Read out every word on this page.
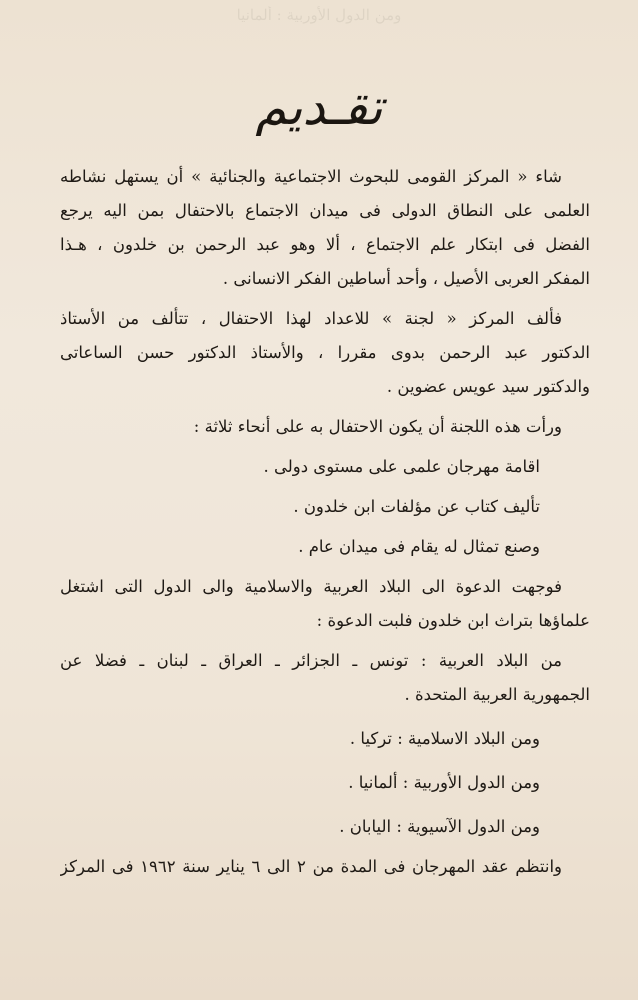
ومن الدول الأوربية : ألمانيا
تقـديم
شاء « المركز القومى للبحوث الاجتماعية والجنائية » أن يستهل نشاطه
العلمى على النطاق الدولى فى ميدان الاجتماع بالاحتفال بمن اليه يرجع
الفضل فى ابتكار علم الاجتماع ، ألا وهو عبد الرحمن بن خلدون ، هـذا
المفكر العربى الأصيل ، وأحد أساطين الفكر الانسانى .
فألف المركز « لجنة » للاعداد لهذا الاحتفال ، تتألف من الأستاذ
الدكتور عبد الرحمن بدوى مقررا ، والأستاذ الدكتور حسن الساعاتى
والدكتور سيد عويس عضوين .
ورأت هذه اللجنة أن يكون الاحتفال به على أنحاء ثلاثة :
اقامة مهرجان علمى على مستوى دولى .
تأليف كتاب عن مؤلفات ابن خلدون .
وصنع تمثال له يقام فى ميدان عام .
فوجهت الدعوة الى البلاد العربية والاسلامية والى الدول التى اشتغل
علماؤها بتراث ابن خلدون فلبت الدعوة :
من البلاد العربية : تونس ـ الجزائر ـ العراق ـ لبنان ـ فضلا عن
الجمهورية العربية المتحدة .
ومن البلاد الاسلامية : تركيا .
ومن الدول الأوربية : ألمانيا .
ومن الدول الآسيوية : اليابان .
وانتظم عقد المهرجان فى المدة من ٢ الى ٦ يناير سنة ١٩٦٢ فى المركز
